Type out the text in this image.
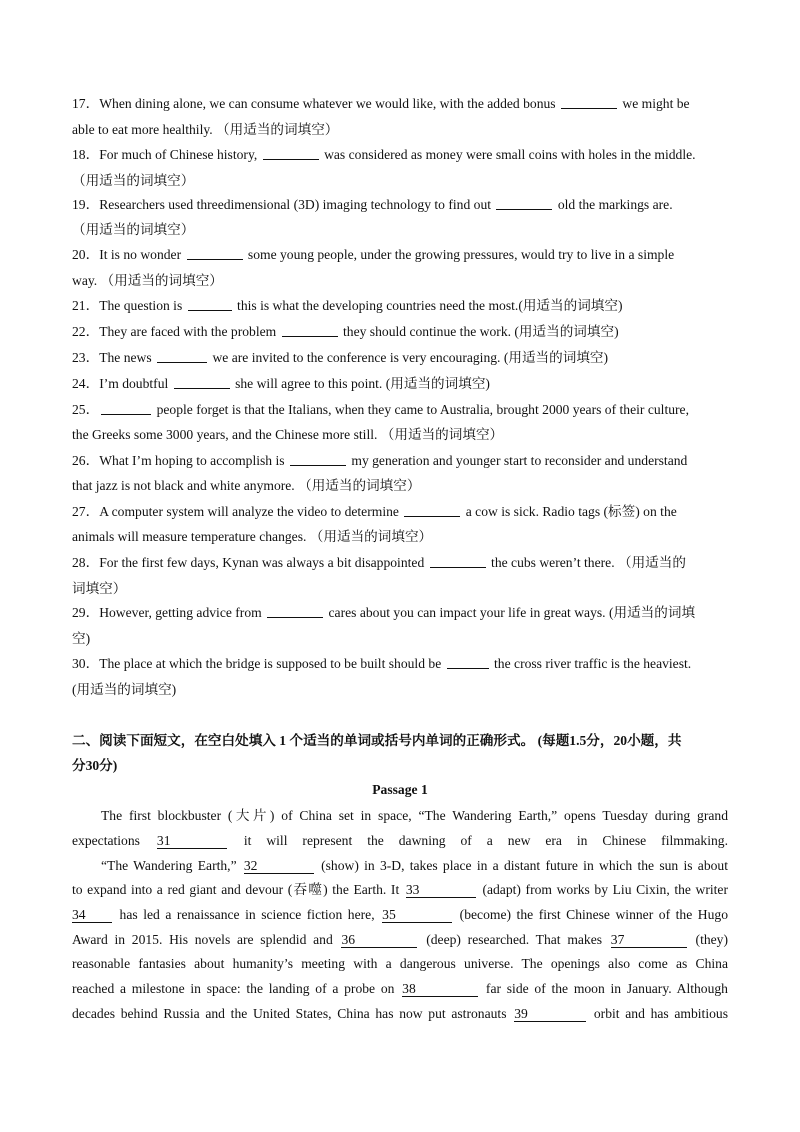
17．When dining alone, we can consume whatever we would like, with the added bonus	we might be
able to eat more healthily. （用适当的词填空）
18．For much of Chinese history,	was considered as money were small coins with holes in the middle.
（用适当的词填空）
19．Researchers used threedimensional (3D) imaging technology to find out	old the markings are.
（用适当的词填空）
20．It is no wonder	some young people, under the growing pressures, would try to live in a simple
way. （用适当的词填空）
21．The question is	this is what the developing countries need the most.(用适当的词填空)
22．They are faced with the problem	they should continue the work. (用适当的词填空)
23．The news	we are invited to the conference is very encouraging. (用适当的词填空)
24．I’m doubtful	she will agree to this point. (用适当的词填空)
25．	people forget is that the Italians, when they came to Australia, brought 2000 years of their culture,
the Greeks some 3000 years, and the Chinese more still. （用适当的词填空）
26．What I’m hoping to accomplish is	my generation and younger start to reconsider and understand
that jazz is not black and white anymore. （用适当的词填空）
27．A computer system will analyze the video to determine	a cow is sick. Radio tags (标签) on the
animals will measure temperature changes. （用适当的词填空）
28．For the first few days, Kynan was always a bit disappointed	the cubs weren’t there. （用适当的
词填空）
29．However, getting advice from	cares about you can impact your life in great ways. (用适当的词填
空)
30．The place at which the bridge is supposed to be built should be	the cross river traffic is the heaviest.
(用适当的词填空)
二、阅读下面短文，在空白处填入 1 个适当的单词或括号内单词的正确形式。 (每题1.5分，20小题，共
分30分)
Passage 1
The first blockbuster (大片) of China set in space, “The Wandering Earth,” opens Tuesday during grand
expectations 31	it will represent the dawning of a new era in Chinese filmmaking.
“The Wandering Earth,” 32	(show) in 3-D, takes place in a distant future in which the sun is about
to expand into a red giant and devour (吞噬) the Earth. It 33	(adapt) from works by Liu Cixin, the writer
34 has led a renaissance in science fiction here, 35	(become) the first Chinese winner of the Hugo
Award in 2015. His novels are splendid and 36	(deep) researched. That makes 37	(they)
reasonable fantasies about humanity’s meeting with a dangerous universe. The openings also come as China
reached a milestone in space: the landing of a probe on 38	far side of the moon in January. Although
decades behind Russia and the United States, China has now put astronauts 39	orbit and has ambitious
